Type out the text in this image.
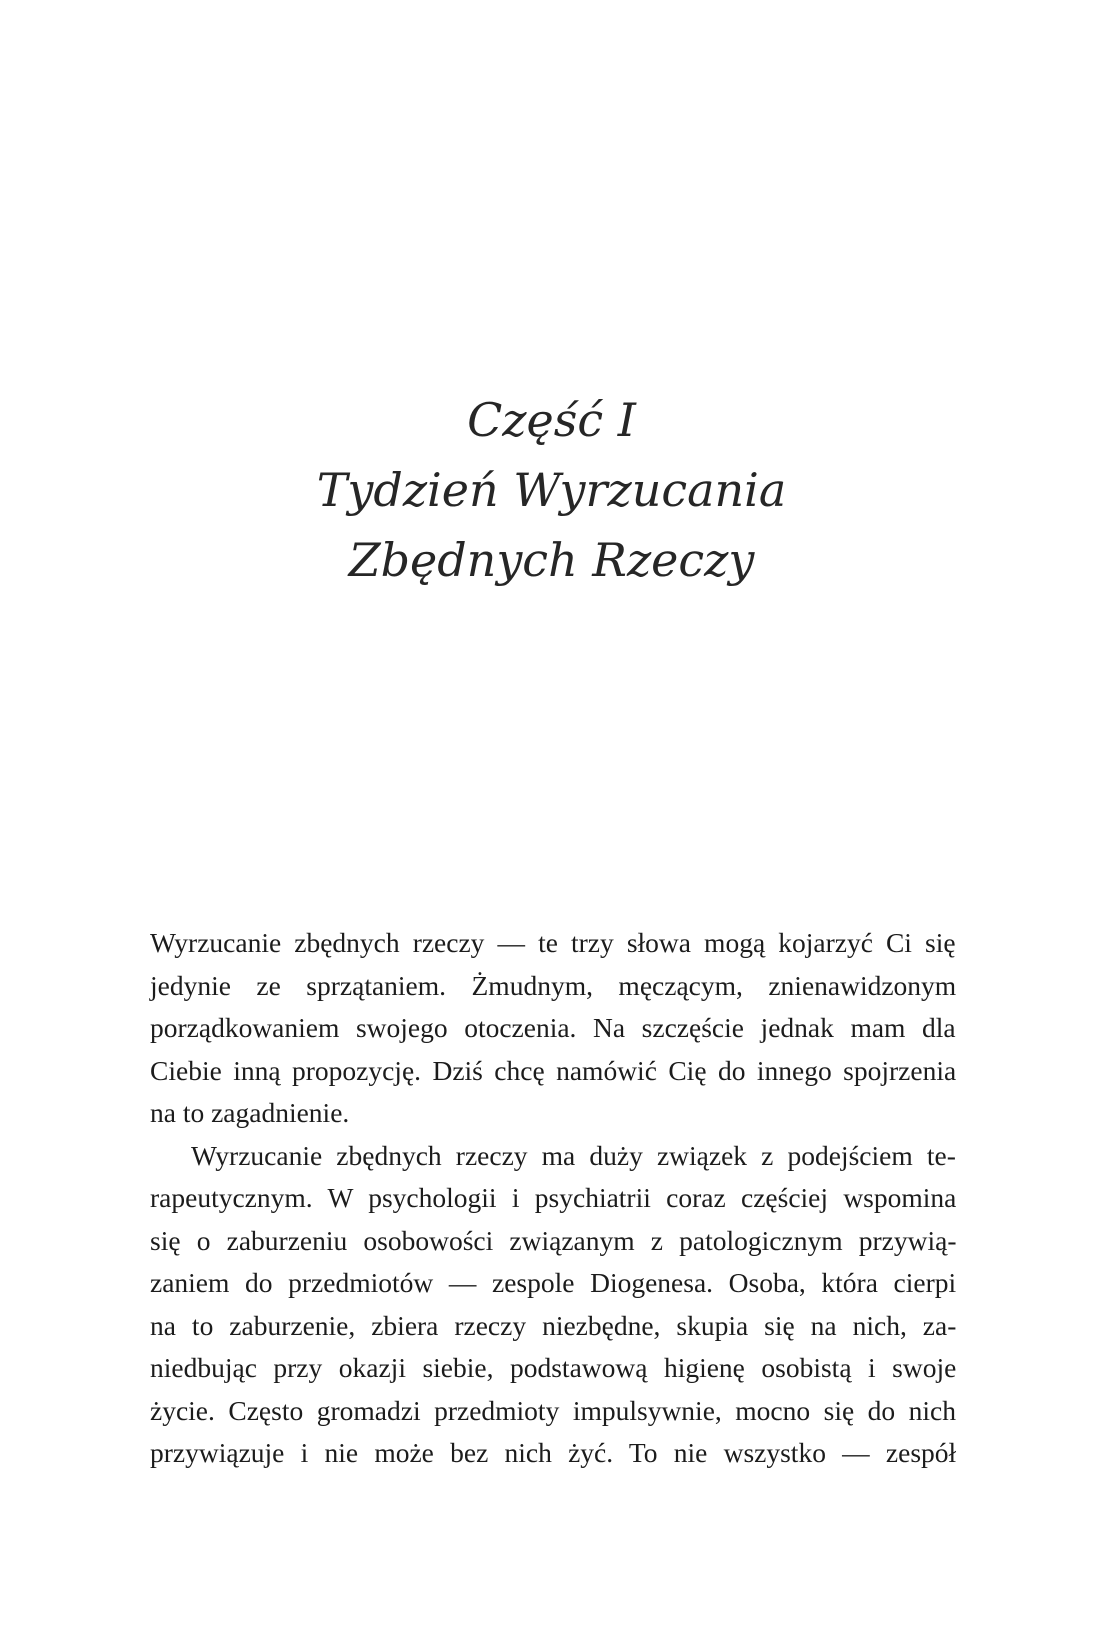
Część I
Tydzień Wyrzucania
Zbędnych Rzeczy
Wyrzucanie zbędnych rzeczy — te trzy słowa mogą kojarzyć Ci się
jedynie ze sprzątaniem. Żmudnym, męczącym, znienawidzonym
porządkowaniem swojego otoczenia. Na szczęście jednak mam dla
Ciebie inną propozycję. Dziś chcę namówić Cię do innego spojrzenia
na to zagadnienie.
Wyrzucanie zbędnych rzeczy ma duży związek z podejściem te-
rapeutycznym. W psychologii i psychiatrii coraz częściej wspomina
się o zaburzeniu osobowości związanym z patologicznym przywią-
zaniem do przedmiotów — zespole Diogenesa. Osoba, która cierpi
na to zaburzenie, zbiera rzeczy niezbędne, skupia się na nich, za-
niedbując przy okazji siebie, podstawową higienę osobistą i swoje
życie. Często gromadzi przedmioty impulsywnie, mocno się do nich
przywiązuje i nie może bez nich żyć. To nie wszystko — zespół
